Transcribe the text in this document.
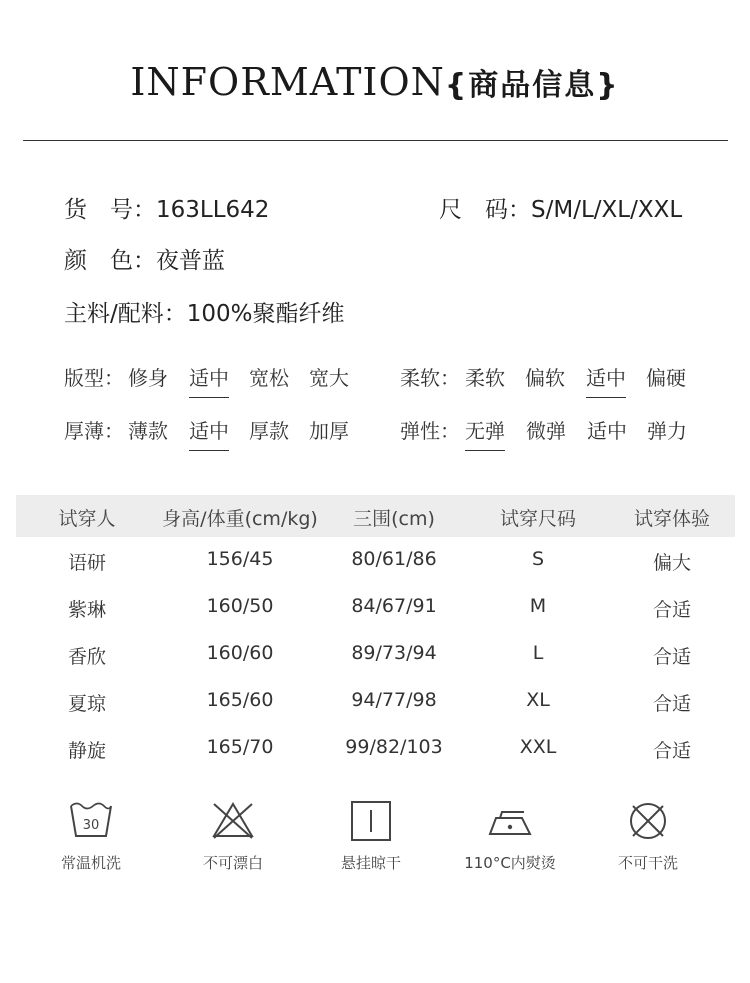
INFORMATION{商品信息}
货　号：163LL642	尺　码：S/M/L/XL/XXL
颜　色：夜普蓝
主料/配料：100%聚酯纤维
版型： 修身 适中 宽松 宽大	柔软： 柔软 偏软 适中 偏硬
厚薄： 薄款 适中 厚款 加厚	弹性： 无弹 微弹 适中 弹力
试穿人 身高/体重(cm/kg) 三围(cm)	试穿尺码	试穿体验
语研	156/45	80/61/86	S	偏大
紫琳	160/50	84/67/91	M	合适
香欣	160/60	89/73/94	L	合适
夏琼	165/60	94/77/98	XL	合适
静旋	165/70	99/82/103	XXL	合适
30
常温机洗	不可漂白	悬挂晾干	110°C内熨烫	不可干洗
